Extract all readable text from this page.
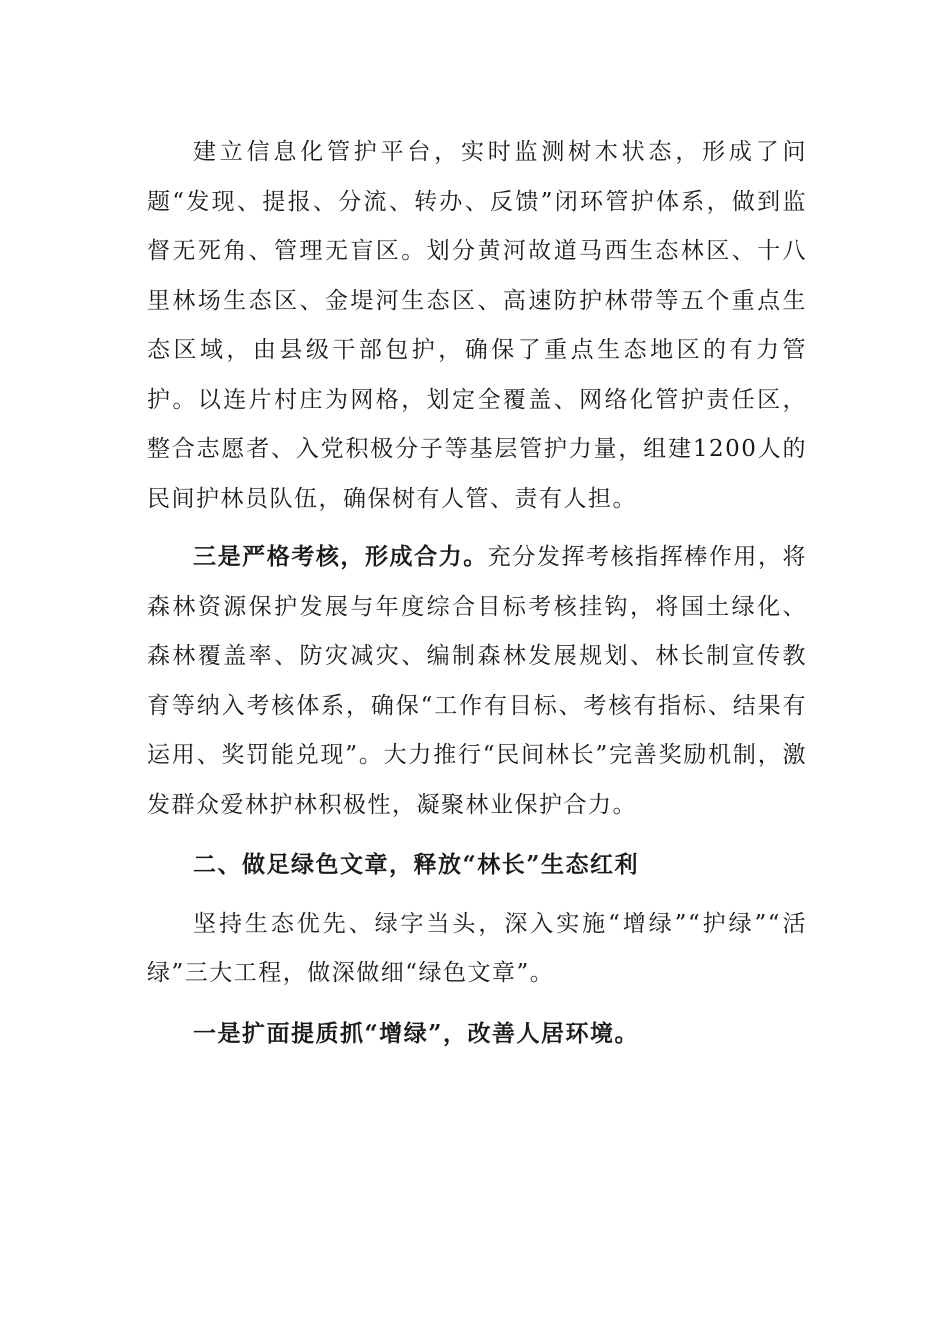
建立信息化管护平台，实时监测树木状态，形成了问题“发现、提报、分流、转办、反馈”闭环管护体系，做到监督无死角、管理无盲区。划分黄河故道马西生态林区、十八里林场生态区、金堤河生态区、高速防护林带等五个重点生态区域，由县级干部包护，确保了重点生态地区的有力管护。以连片村庄为网格，划定全覆盖、网络化管护责任区，整合志愿者、入党积极分子等基层管护力量，组建1200人的民间护林员队伍，确保树有人管、责有人担。

三是严格考核，形成合力。充分发挥考核指挥棒作用，将森林资源保护发展与年度综合目标考核挂钩，将国土绿化、森林覆盖率、防灾减灾、编制森林发展规划、林长制宣传教育等纳入考核体系，确保“工作有目标、考核有指标、结果有运用、奖罚能兑现”。大力推行“民间林长”完善奖励机制，激发群众爱林护林积极性，凝聚林业保护合力。

二、做足绿色文章，释放“林长”生态红利

坚持生态优先、绿字当头，深入实施“增绿”“护绿”“活绿”三大工程，做深做细“绿色文章”。

一是扩面提质抓“增绿”，改善人居环境。
